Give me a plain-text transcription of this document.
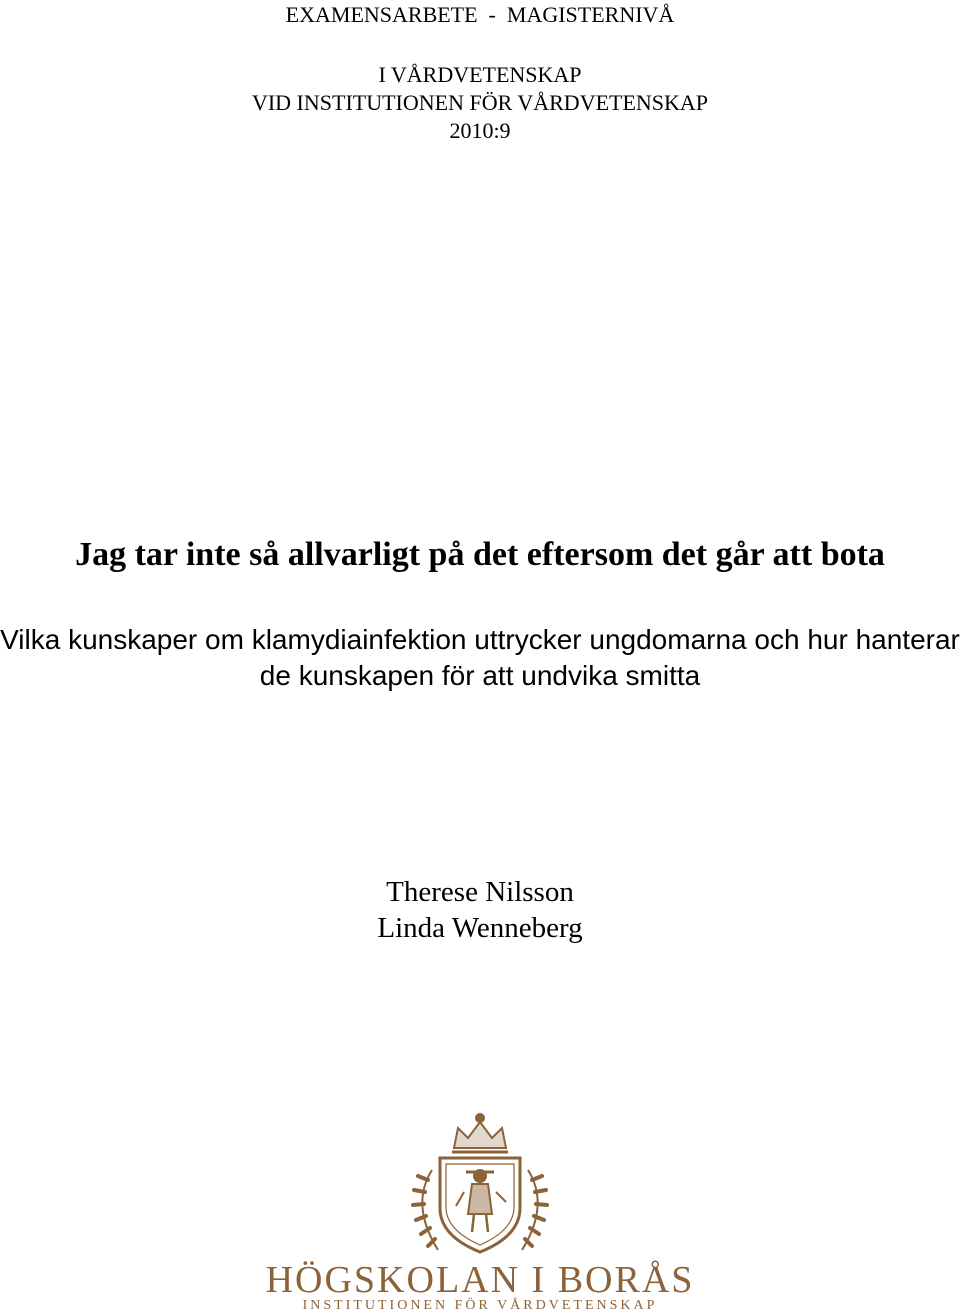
EXAMENSARBETE  -  MAGISTERNIVÅ
I VÅRDVETENSKAP
VID INSTITUTIONEN FÖR VÅRDVETENSKAP
2010:9
Jag tar inte så allvarligt på det eftersom det går att bota
Vilka kunskaper om klamydiainfektion uttrycker ungdomarna och hur hanterar
de kunskapen för att undvika smitta
Therese Nilsson
Linda Wenneberg
HÖGSKOLAN I BORÅS
INSTITUTIONEN FÖR VÅRDVETENSKAP
